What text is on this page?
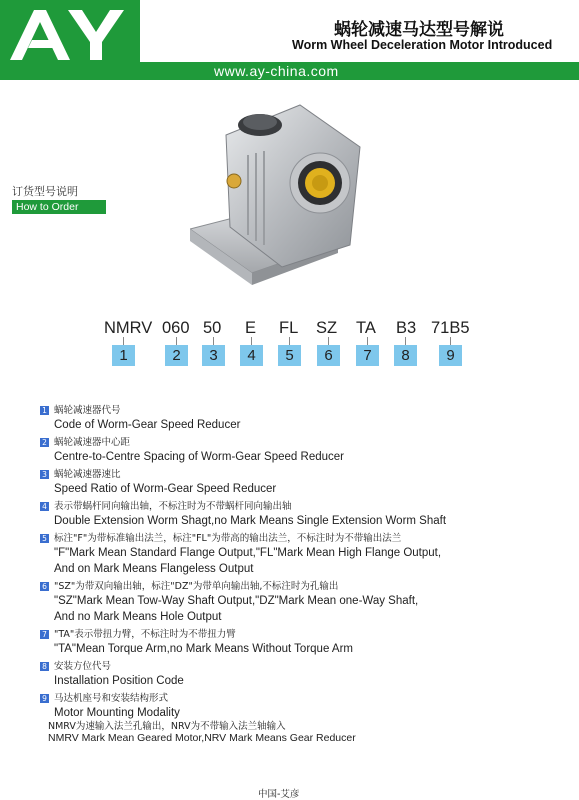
www.ay-china.com
蜗轮减速马达型号解说
Worm Wheel Deceleration Motor Introduced
订货型号说明
How to Order
NMRV 060 50 E FL SZ TA B3 71B5
1	2	3	4	5	6	7	8	9
1 蜗轮减速器代号
Code of Worm-Gear Speed Reducer
2 蜗轮减速器中心距
Centre-to-Centre Spacing of Worm-Gear Speed Reducer
3 蜗轮减速器速比
Speed Ratio of Worm-Gear Speed Reducer
4 表示带蜗杆同向输出轴，不标注时为不带蜗杆同向输出轴
Double Extension Worm Shagt,no Mark Means Single Extension Worm Shaft
5 标注"F"为带标准输出法兰，标注"FL"为带高的输出法兰，不标注时为不带输出法兰
"F"Mark Mean Standard Flange Output,"FL"Mark Mean High Flange Output,
And on Mark Means Flangeless Output
6 "SZ"为带双向输出轴，标注"DZ"为带单向输出轴,不标注时为孔输出
"SZ"Mark Mean Tow-Way Shaft Output,"DZ"Mark Mean one-Way Shaft,
And no Mark Means Hole Output
7 "TA"表示带扭力臂，不标注时为不带扭力臂
"TA"Mean Torque Arm,no Mark Means Without Torque Arm
8 安装方位代号
Installation Position Code
9 马达机座号和安装结构形式
Motor Mounting Modality
NMRV为速输入法兰孔输出，NRV为不带输入法兰轴输入
NMRV Mark Mean Geared Motor,NRV Mark Means Gear Reducer
中国-艾彦
